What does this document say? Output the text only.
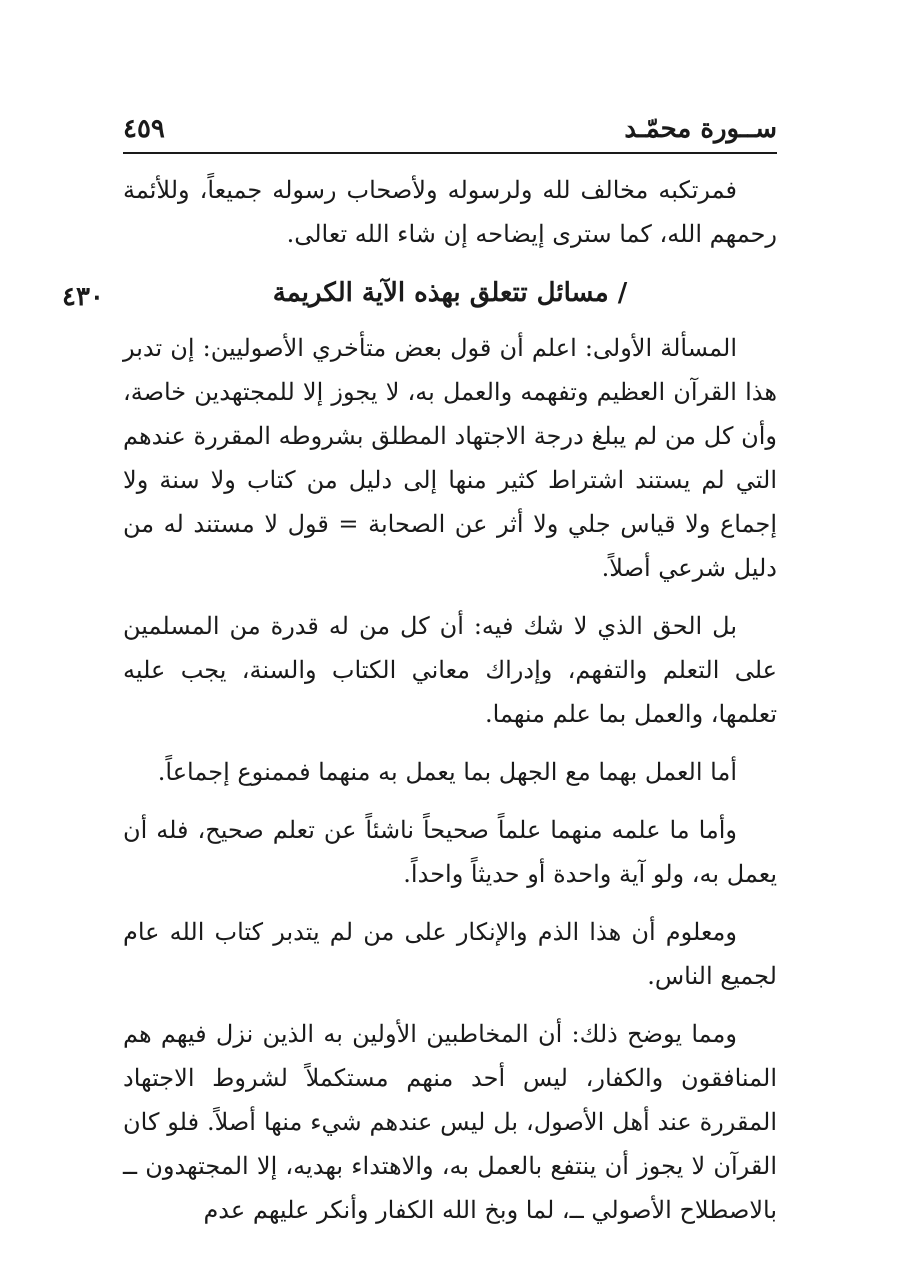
ســورة محمّـد
٤٥٩
٤٣٠

فمرتكبه مخالف لله ولرسوله ولأصحاب رسوله جميعاً، وللأئمة رحمهم الله، كما سترى إيضاحه إن شاء الله تعالى.

/ مسائل تتعلق بهذه الآية الكريمة

المسألة الأولى: اعلم أن قول بعض متأخري الأصوليين: إن تدبر هذا القرآن العظيم وتفهمه والعمل به، لا يجوز إلا للمجتهدين خاصة، وأن كل من لم يبلغ درجة الاجتهاد المطلق بشروطه المقررة عندهم التي لم يستند اشتراط كثير منها إلى دليل من كتاب ولا سنة ولا إجماع ولا قياس جلي ولا أثر عن الصحابة = قول لا مستند له من دليل شرعي أصلاً.

بل الحق الذي لا شك فيه: أن كل من له قدرة من المسلمين على التعلم والتفهم، وإدراك معاني الكتاب والسنة، يجب عليه تعلمها، والعمل بما علم منهما.

أما العمل بهما مع الجهل بما يعمل به منهما فممنوع إجماعاً.

وأما ما علمه منهما علماً صحيحاً ناشئاً عن تعلم صحيح، فله أن يعمل به، ولو آية واحدة أو حديثاً واحداً.

ومعلوم أن هذا الذم والإنكار على من لم يتدبر كتاب الله عام لجميع الناس.

ومما يوضح ذلك: أن المخاطبين الأولين به الذين نزل فيهم هم المنافقون والكفار، ليس أحد منهم مستكملاً لشروط الاجتهاد المقررة عند أهل الأصول، بل ليس عندهم شيء منها أصلاً. فلو كان القرآن لا يجوز أن ينتفع بالعمل به، والاهتداء بهديه، إلا المجتهدون ــ بالاصطلاح الأصولي ــ، لما وبخ الله الكفار وأنكر عليهم عدم
